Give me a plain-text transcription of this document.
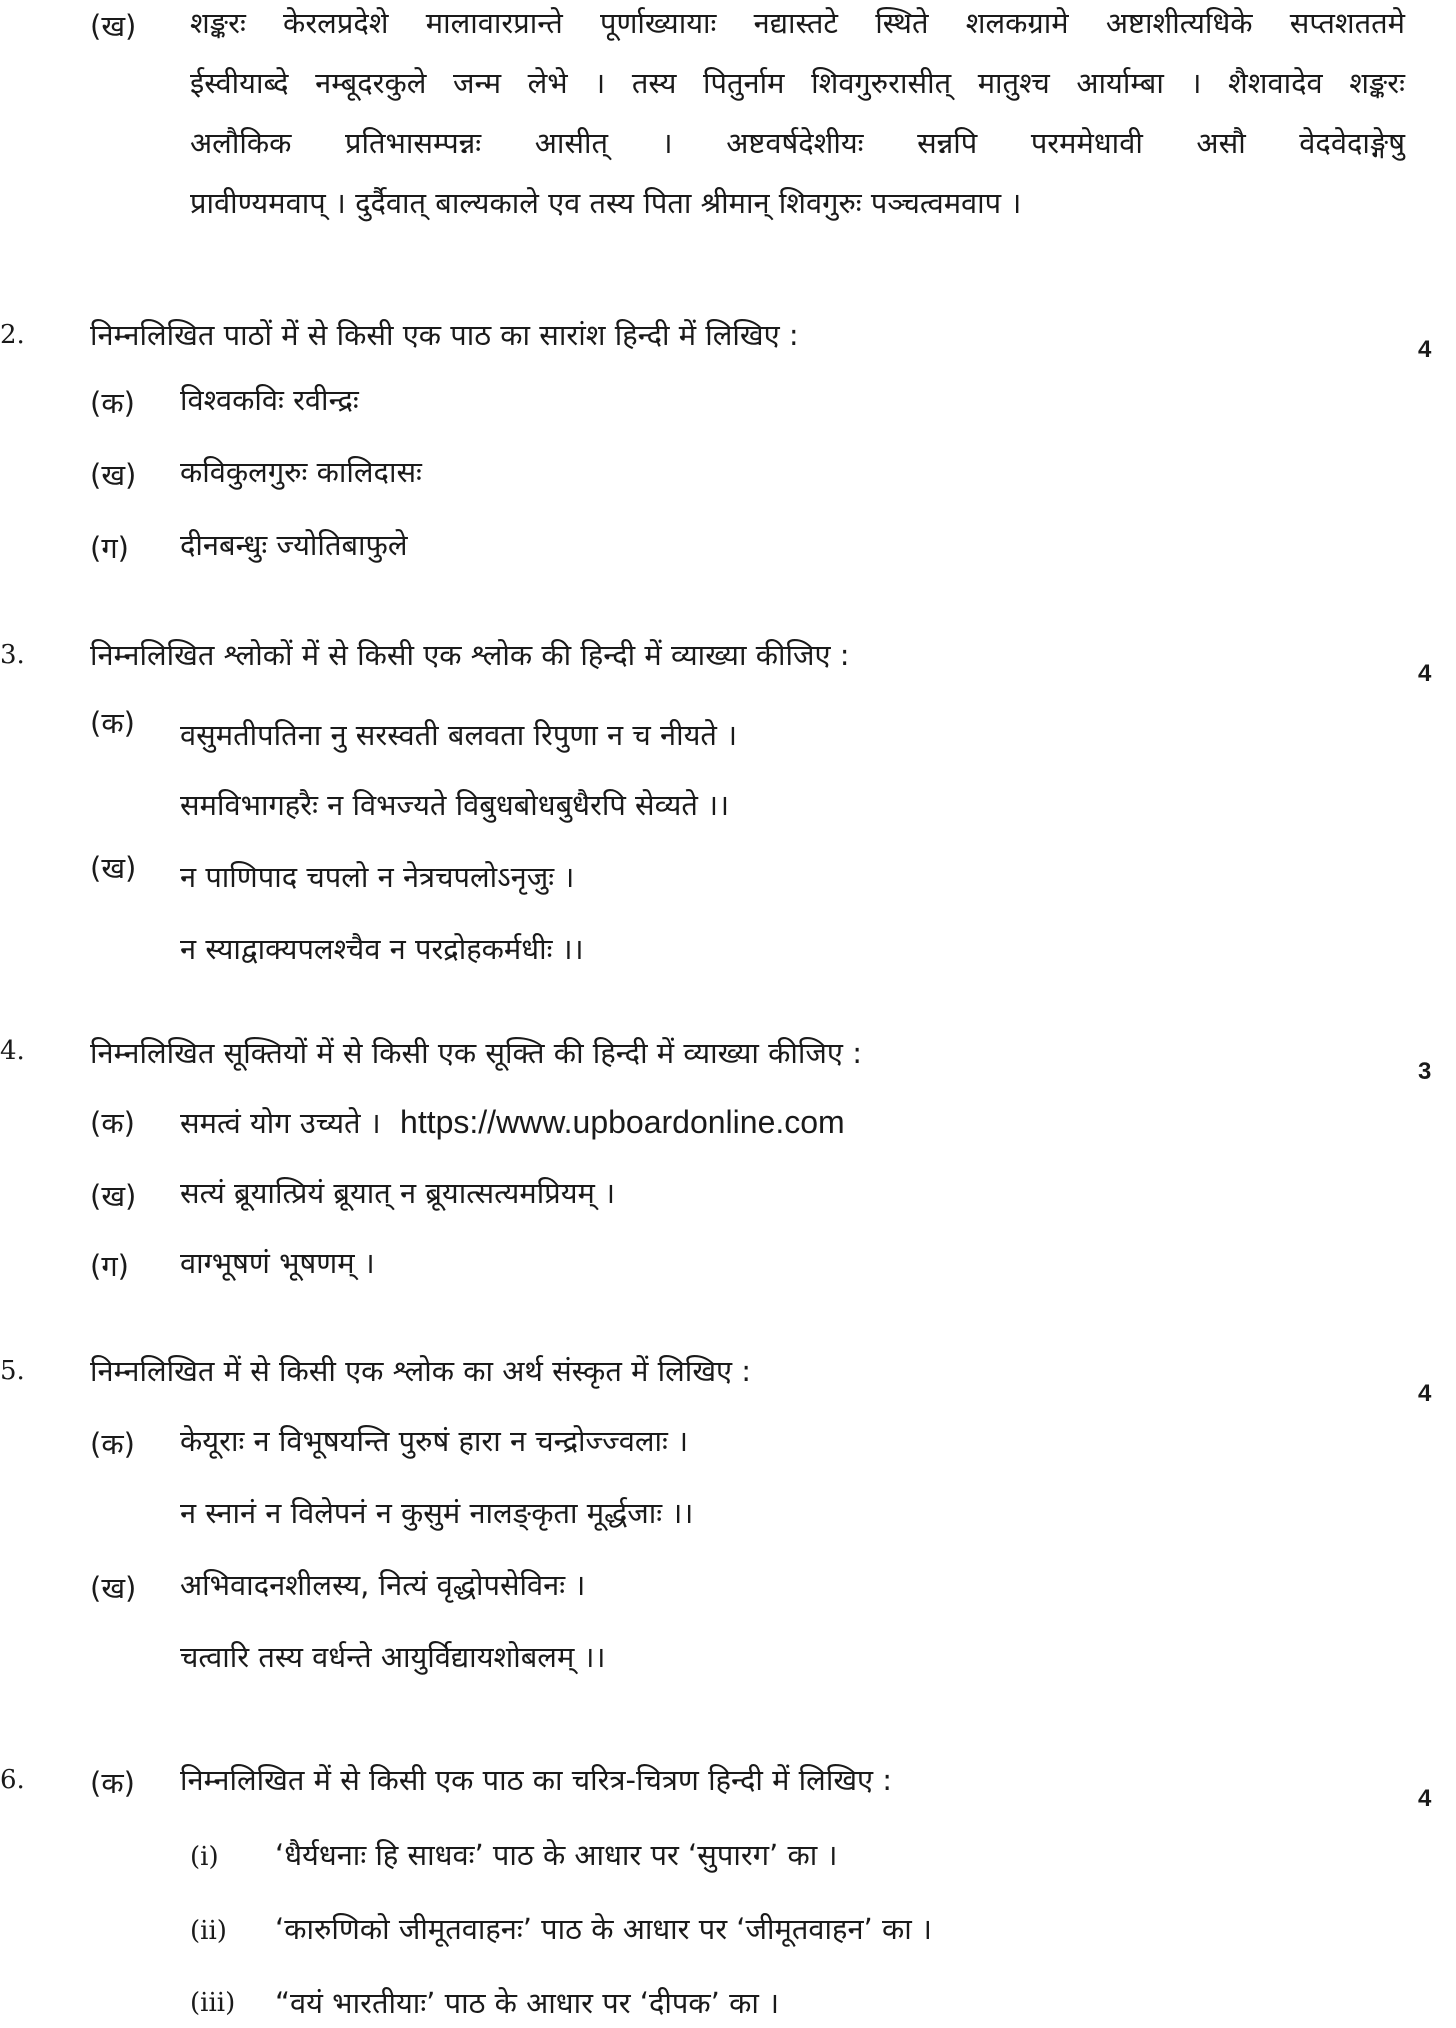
(ख) शङ्करः केरलप्रदेशे मालावारप्रान्ते पूर्णाख्यायाः नद्यास्तटे स्थिते शलकग्रामे अष्टाशीत्यधिके सप्तशततमे
ईस्वीयाब्दे नम्बूदरकुले जन्म लेभे । तस्य पितुर्नाम शिवगुरुरासीत् मातुश्च आर्याम्बा । शैशवादेव शङ्करः
अलौकिक प्रतिभासम्पन्नः आसीत् । अष्टवर्षदेशीयः सन्नपि परममेधावी असौ वेदवेदाङ्गेषु
प्रावीण्यमवाप् । दुर्दैवात् बाल्यकाले एव तस्य पिता श्रीमान् शिवगुरुः पञ्चत्वमवाप ।
2. निम्नलिखित पाठों में से किसी एक पाठ का सारांश हिन्दी में लिखिए :	4
(क) विश्वकविः रवीन्द्रः
(ख) कविकुलगुरुः कालिदासः
(ग) दीनबन्धुः ज्योतिबाफुले
3. निम्नलिखित श्लोकों में से किसी एक श्लोक की हिन्दी में व्याख्या कीजिए :
4
(क) वसुमतीपतिना नु सरस्वती बलवता रिपुणा न च नीयते ।
समविभागहरैः न विभज्यते विबुधबोधबुधैरपि सेव्यते ।।
(ख) न पाणिपाद चपलो न नेत्रचपलोऽनृजुः ।
न स्याद्वाक्यपलश्चैव न परद्रोहकर्मधीः ।।
4. निम्नलिखित सूक्तियों में से किसी एक सूक्ति की हिन्दी में व्याख्या कीजिए :
3
(क) समत्वं योग उच्यते । https://www.upboardonline.com
(ख) सत्यं ब्रूयात्प्रियं ब्रूयात् न ब्रूयात्सत्यमप्रियम् ।
(ग) वाग्भूषणं भूषणम् ।
5. निम्नलिखित में से किसी एक श्लोक का अर्थ संस्कृत में लिखिए :
4
(क) केयूराः न विभूषयन्ति पुरुषं हारा न चन्द्रोज्ज्वलाः ।
न स्नानं न विलेपनं न कुसुमं नालङ्कृता मूर्द्धजाः ।।
(ख) अभिवादनशीलस्य, नित्यं वृद्धोपसेविनः ।
चत्वारि तस्य वर्धन्ते आयुर्विद्यायशोबलम् ।।
6. (क) निम्नलिखित में से किसी एक पाठ का चरित्र-चित्रण हिन्दी में लिखिए :
4
(i) ‘धैर्यधनाः हि साधवः’ पाठ के आधार पर ‘सुपारग’ का ।
(ii) ‘कारुणिको जीमूतवाहनः’ पाठ के आधार पर ‘जीमूतवाहन’ का ।
(iii) “वयं भारतीयाः’ पाठ के आधार पर ‘दीपक’ का ।
